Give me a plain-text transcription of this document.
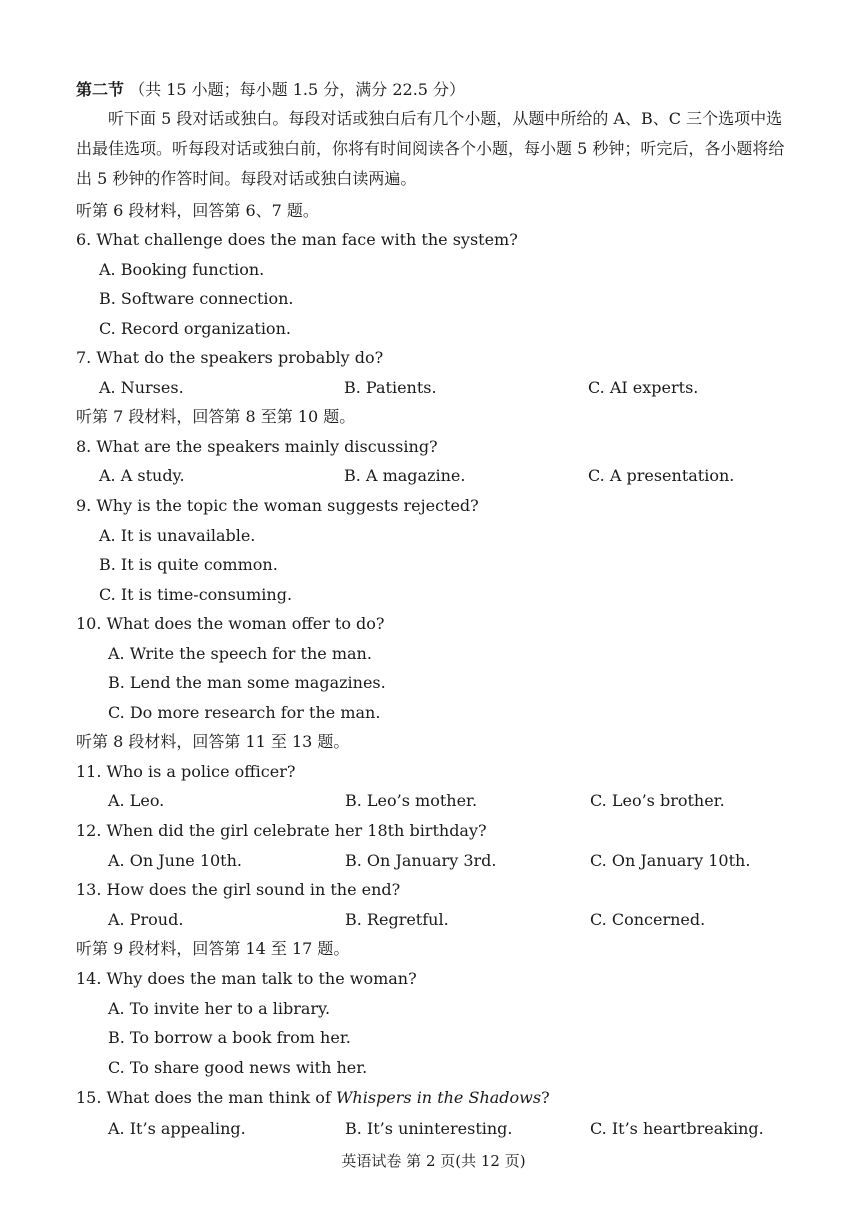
第二节 （共 15 小题；每小题 1.5 分，满分 22.5 分）
听下面 5 段对话或独白。每段对话或独白后有几个小题，从题中所给的 A、B、C 三个选项中选出最佳选项。听每段对话或独白前，你将有时间阅读各个小题，每小题 5 秒钟；听完后，各小题将给出 5 秒钟的作答时间。每段对话或独白读两遍。
听第 6 段材料，回答第 6、7 题。
6. What challenge does the man face with the system?
A. Booking function.
B. Software connection.
C. Record organization.
7. What do the speakers probably do?
A. Nurses.	B. Patients.	C. AI experts.
听第 7 段材料，回答第 8 至第 10 题。
8. What are the speakers mainly discussing?
A. A study.	B. A magazine.	C. A presentation.
9. Why is the topic the woman suggests rejected?
A. It is unavailable.
B. It is quite common.
C. It is time-consuming.
10. What does the woman offer to do?
A. Write the speech for the man.
B. Lend the man some magazines.
C. Do more research for the man.
听第 8 段材料，回答第 11 至 13 题。
11. Who is a police officer?
A. Leo.	B. Leo’s mother.	C. Leo’s brother.
12. When did the girl celebrate her 18th birthday?
A. On June 10th.	B. On January 3rd.	C. On January 10th.
13. How does the girl sound in the end?
A. Proud.	B. Regretful.	C. Concerned.
听第 9 段材料，回答第 14 至 17 题。
14. Why does the man talk to the woman?
A. To invite her to a library.
B. To borrow a book from her.
C. To share good news with her.
15. What does the man think of Whispers in the Shadows?
A. It’s appealing.	B. It’s uninteresting.	C. It’s heartbreaking.
英语试卷 第 2 页(共 12 页)
